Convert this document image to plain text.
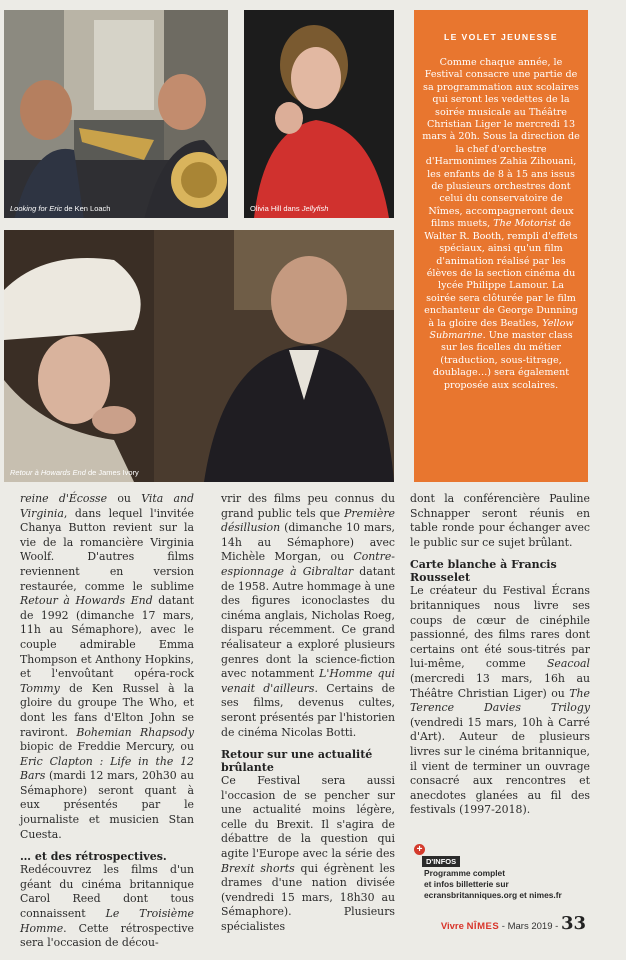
Looking for Eric de Ken Loach	Olivia Hill dans Jellyfish
Retour à Howards End de James Ivory
LE VOLET JEUNESSE

Comme chaque année, le Festival consacre une partie de sa programmation aux scolaires qui seront les vedettes de la soirée musicale au Théâtre Christian Liger le mercredi 13 mars à 20h. Sous la direction de la chef d'orchestre d'Harmonimes Zahia Zihouani, les enfants de 8 à 15 ans issus de plusieurs orchestres dont celui du conservatoire de Nîmes, accompagneront deux films muets, The Motorist de Walter R. Booth, rempli d'effets spéciaux, ainsi qu'un film d'animation réalisé par les élèves de la section cinéma du lycée Philippe Lamour. La soirée sera clôturée par le film enchanteur de George Dunning à la gloire des Beatles, Yellow Submarine. Une master class sur les ficelles du métier (traduction, sous-titrage, doublage…) sera également proposée aux scolaires.

reine d'Écosse ou Vita and Virginia, dans lequel l'invitée Chanya Button revient sur la vie de la romancière Virginia Woolf. D'autres films reviennent en version restaurée, comme le sublime Retour à Howards End datant de 1992 (dimanche 17 mars, 11h au Sémaphore), avec le couple admirable Emma Thompson et Anthony Hopkins, et l'envoûtant opéra-rock Tommy de Ken Russel à la gloire du groupe The Who, et dont les fans d'Elton John se raviront. Bohemian Rhapsody biopic de Freddie Mercury, ou Eric Clapton : Life in the 12 Bars (mardi 12 mars, 20h30 au Sémaphore) seront quant à eux présentés par le journaliste et musicien Stan Cuesta.

… et des rétrospectives.

Redécouvrez les films d'un géant du cinéma britannique Carol Reed dont tous connaissent Le Troisième Homme. Cette rétrospective sera l'occasion de décou-

vrir des films peu connus du grand public tels que Première désillusion (dimanche 10 mars, 14h au Sémaphore) avec Michèle Morgan, ou Contre-espionnage à Gibraltar datant de 1958. Autre hommage à une des figures iconoclastes du cinéma anglais, Nicholas Roeg, disparu récemment. Ce grand réalisateur a exploré plusieurs genres dont la science-fiction avec notamment L'Homme qui venait d'ailleurs. Certains de ses films, devenus cultes, seront présentés par l'historien de cinéma Nicolas Botti.

Retour sur une actualité brûlante

Ce Festival sera aussi l'occasion de se pencher sur une actualité moins légère, celle du Brexit. Il s'agira de débattre de la question qui agite l'Europe avec la série des Brexit shorts qui égrènent les drames d'une nation divisée (vendredi 15 mars, 18h30 au Sémaphore). Plusieurs spécialistes

dont la conférencière Pauline Schnapper seront réunis en table ronde pour échanger avec le public sur ce sujet brûlant.

Carte blanche à Francis Rousselet

Le créateur du Festival Écrans britanniques nous livre ses coups de cœur de cinéphile passionné, des films rares dont certains ont été sous-titrés par lui-même, comme Seacoal (mercredi 13 mars, 16h au Théâtre Christian Liger) ou The Terence Davies Trilogy (vendredi 15 mars, 10h à Carré d'Art). Auteur de plusieurs livres sur le cinéma britannique, il vient de terminer un ouvrage consacré aux rencontres et anecdotes glanées au fil des festivals (1997-2018).

+
D'INFOS
Programme complet
et infos billetterie sur
ecransbritanniques.org et nimes.fr
Vivre NÎMES - Mars 2019 - 33
